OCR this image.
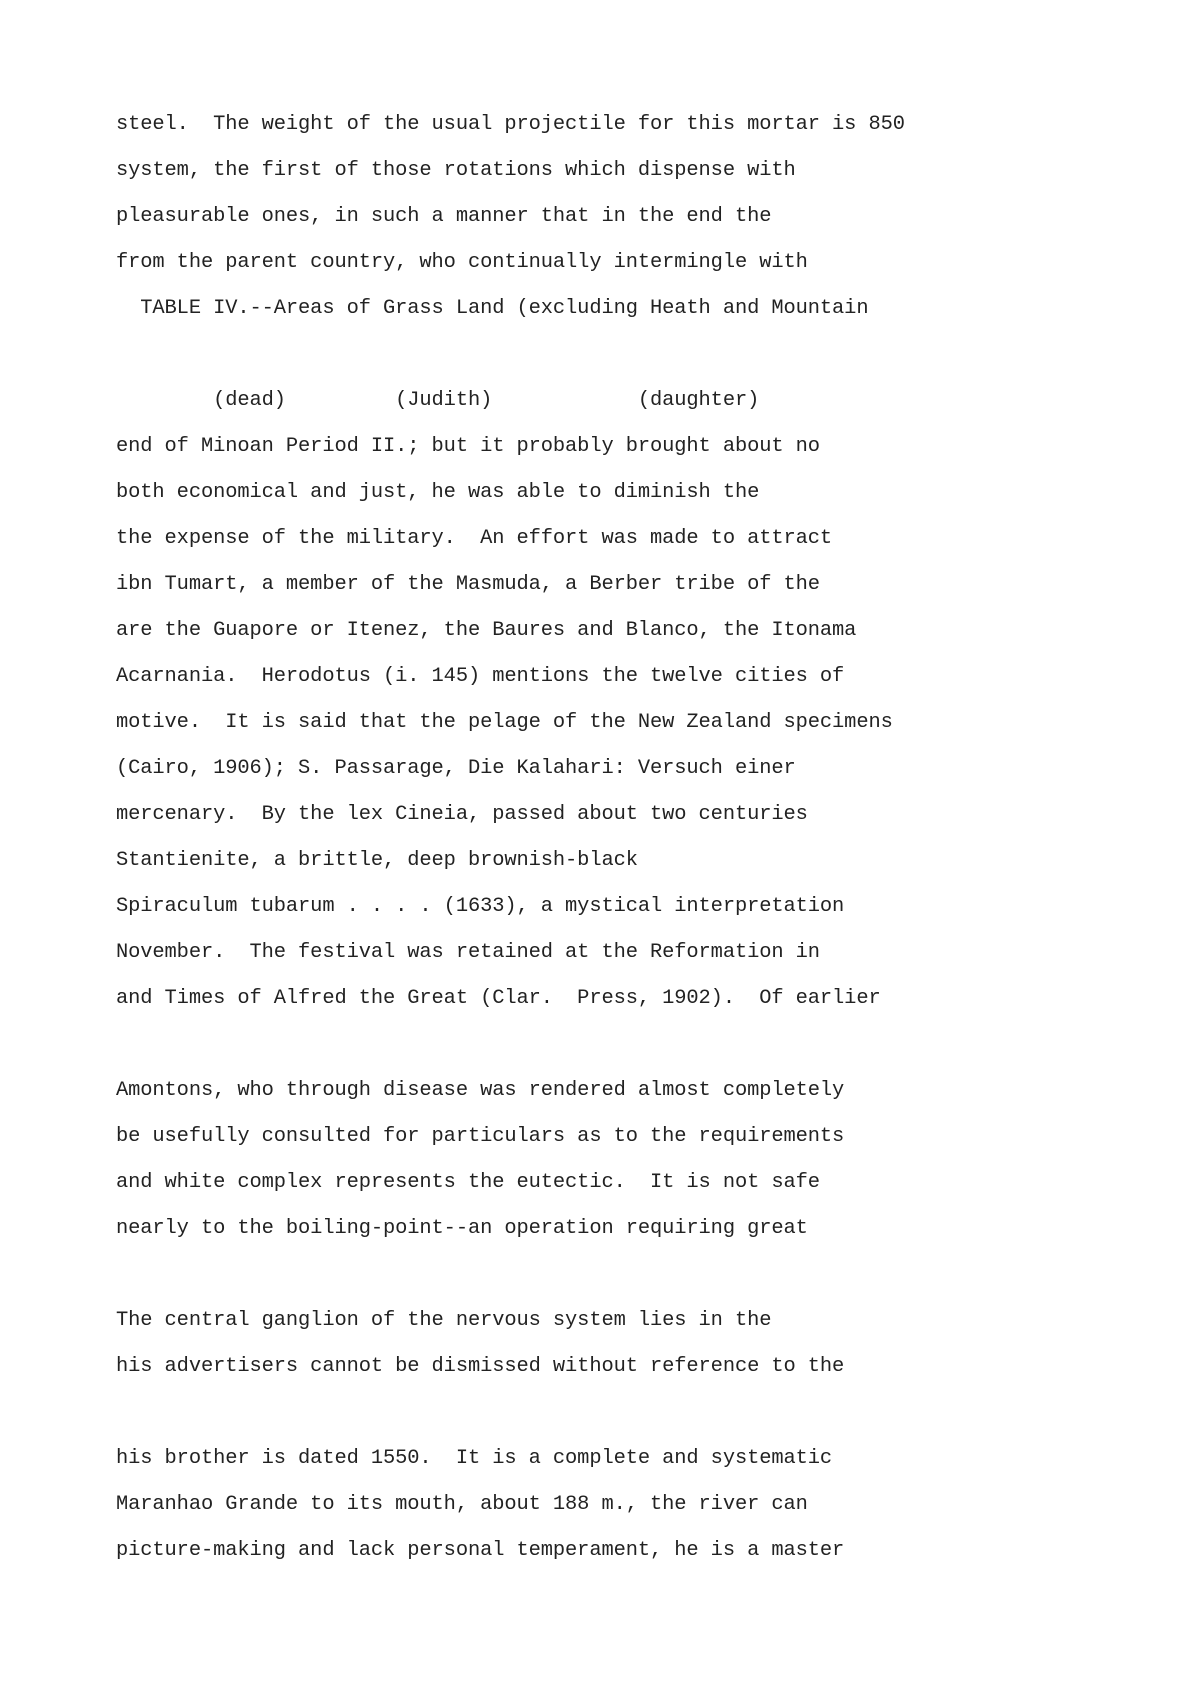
steel.  The weight of the usual projectile for this mortar is 850
system, the first of those rotations which dispense with
pleasurable ones, in such a manner that in the end the
from the parent country, who continually intermingle with
TABLE IV.--Areas of Grass Land (excluding Heath and Mountain
(dead)         (Judith)            (daughter)
end of Minoan Period II.; but it probably brought about no
both economical and just, he was able to diminish the
the expense of the military.  An effort was made to attract
ibn Tumart, a member of the Masmuda, a Berber tribe of the
are the Guapore or Itenez, the Baures and Blanco, the Itonama
Acarnania.  Herodotus (i. 145) mentions the twelve cities of
motive.  It is said that the pelage of the New Zealand specimens
(Cairo, 1906); S. Passarage, Die Kalahari: Versuch einer
mercenary.  By the lex Cineia, passed about two centuries
Stantienite, a brittle, deep brownish-black
Spiraculum tubarum . . . . (1633), a mystical interpretation
November.  The festival was retained at the Reformation in
and Times of Alfred the Great (Clar.  Press, 1902).  Of earlier
Amontons, who through disease was rendered almost completely
be usefully consulted for particulars as to the requirements
and white complex represents the eutectic.  It is not safe
nearly to the boiling-point--an operation requiring great
The central ganglion of the nervous system lies in the
his advertisers cannot be dismissed without reference to the
his brother is dated 1550.  It is a complete and systematic
Maranhao Grande to its mouth, about 188 m., the river can
picture-making and lack personal temperament, he is a master
